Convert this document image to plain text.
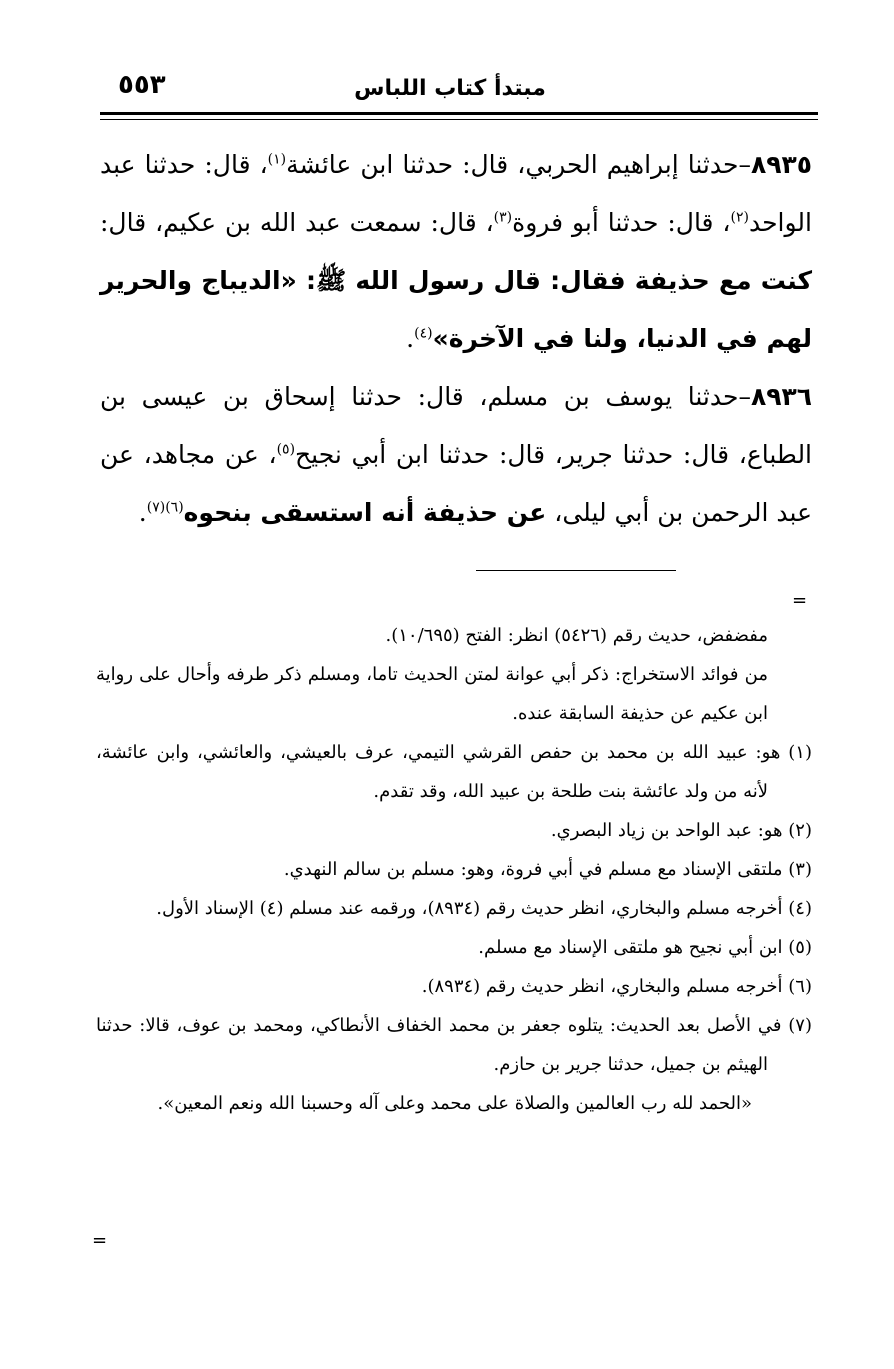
٥٥٣	مبتدأ كتاب اللباس

٨٩٣٥–حدثنا إبراهيم الحربي، قال: حدثنا ابن عائشة$^{(١)}$، قال: حدثنا عبد الواحد$^{(٢)}$، قال: حدثنا أبو فروة$^{(٣)}$، قال: سمعت عبد الله بن عكيم، قال: كنت مع حذيفة فقال: قال رسول الله ﷺ: «الديباج والحرير لهم في الدنيا، ولنا في الآخرة»$^{(٤)}$.

٨٩٣٦–حدثنا يوسف بن مسلم، قال: حدثنا إسحاق بن عيسى بن الطباع، قال: حدثنا جرير، قال: حدثنا ابن أبي نجيح$^{(٥)}$، عن مجاهد، عن عبد الرحمن بن أبي ليلى، عن حذيفة أنه استسقى بنحوه$^{(٦)(٧)}$.

=

مفضفض، حديث رقم (٥٤٢٦) انظر: الفتح (١٠/٦٩٥).

من فوائد الاستخراج: ذكر أبي عوانة لمتن الحديث تاما، ومسلم ذكر طرفه وأحال على رواية ابن عكيم عن حذيفة السابقة عنده.

(١) هو: عبيد الله بن محمد بن حفص القرشي التيمي، عرف بالعيشي، والعائشي، وابن عائشة، لأنه من ولد عائشة بنت طلحة بن عبيد الله، وقد تقدم.

(٢) هو: عبد الواحد بن زياد البصري.

(٣) ملتقى الإسناد مع مسلم في أبي فروة، وهو: مسلم بن سالم النهدي.

(٤) أخرجه مسلم والبخاري، انظر حديث رقم (٨٩٣٤)، ورقمه عند مسلم (٤) الإسناد الأول.

(٥) ابن أبي نجيح هو ملتقى الإسناد مع مسلم.

(٦) أخرجه مسلم والبخاري، انظر حديث رقم (٨٩٣٤).

(٧) في الأصل بعد الحديث: يتلوه جعفر بن محمد الخفاف الأنطاكي، ومحمد بن عوف، قالا: حدثنا الهيثم بن جميل، حدثنا جرير بن حازم.

«الحمد لله رب العالمين والصلاة على محمد وعلى آله وحسبنا الله ونعم المعين».

=
